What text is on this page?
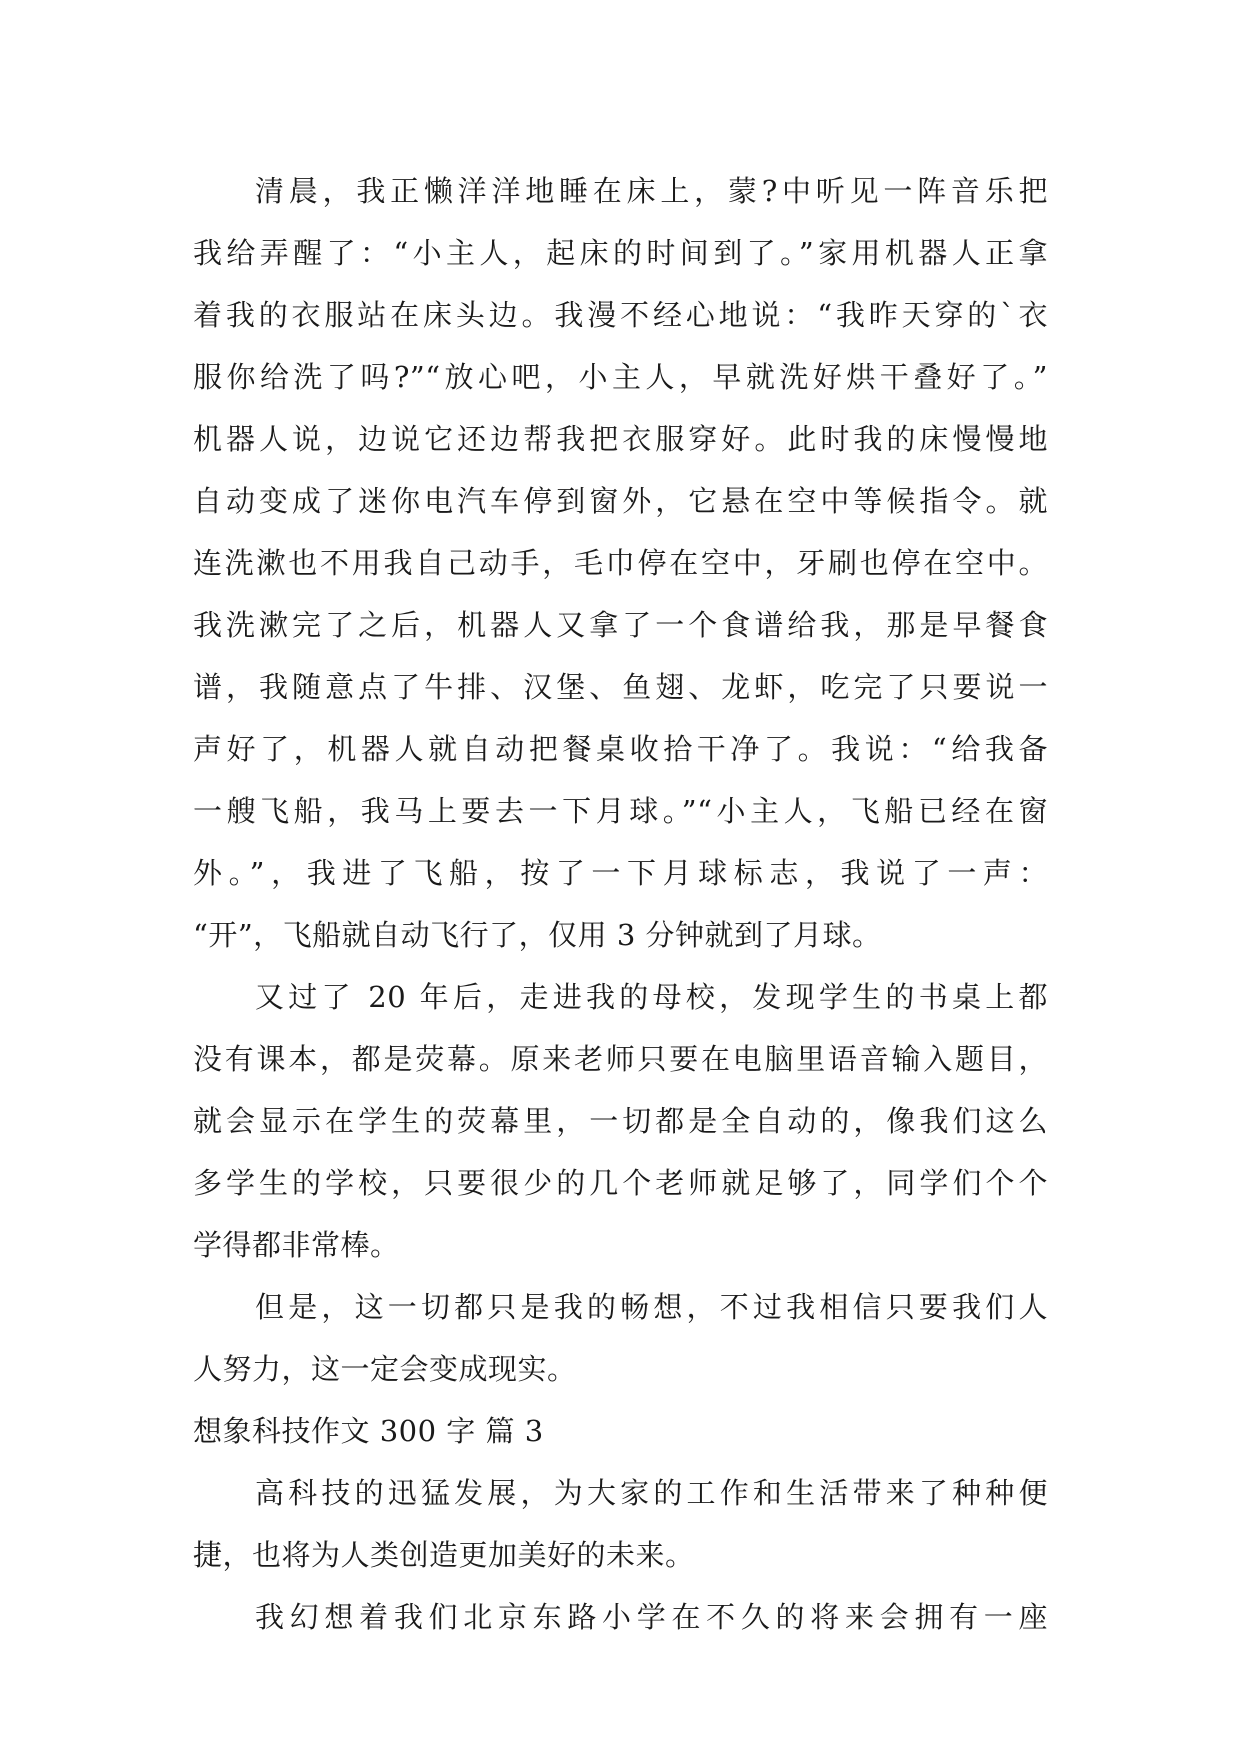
清晨，我正懒洋洋地睡在床上，蒙?中听见一阵音乐把
我给弄醒了：“小主人，起床的时间到了。”家用机器人正拿
着我的衣服站在床头边。我漫不经心地说：“我昨天穿的`衣
服你给洗了吗?”“放心吧，小主人，早就洗好烘干叠好了。”
机器人说，边说它还边帮我把衣服穿好。此时我的床慢慢地
自动变成了迷你电汽车停到窗外，它悬在空中等候指令。就
连洗漱也不用我自己动手，毛巾停在空中，牙刷也停在空中。
我洗漱完了之后，机器人又拿了一个食谱给我，那是早餐食
谱，我随意点了牛排、汉堡、鱼翅、龙虾，吃完了只要说一
声好了，机器人就自动把餐桌收拾干净了。我说：“给我备
一艘飞船，我马上要去一下月球。”“小主人，飞船已经在窗
外。”，我进了飞船，按了一下月球标志，我说了一声：
“开”，飞船就自动飞行了，仅用 3 分钟就到了月球。
又过了 20 年后，走进我的母校，发现学生的书桌上都
没有课本，都是荧幕。原来老师只要在电脑里语音输入题目，
就会显示在学生的荧幕里，一切都是全自动的，像我们这么
多学生的学校，只要很少的几个老师就足够了，同学们个个
学得都非常棒。
但是，这一切都只是我的畅想，不过我相信只要我们人
人努力，这一定会变成现实。
想象科技作文 300 字 篇 3
高科技的迅猛发展，为大家的工作和生活带来了种种便
捷，也将为人类创造更加美好的未来。
我幻想着我们北京东路小学在不久的将来会拥有一座
